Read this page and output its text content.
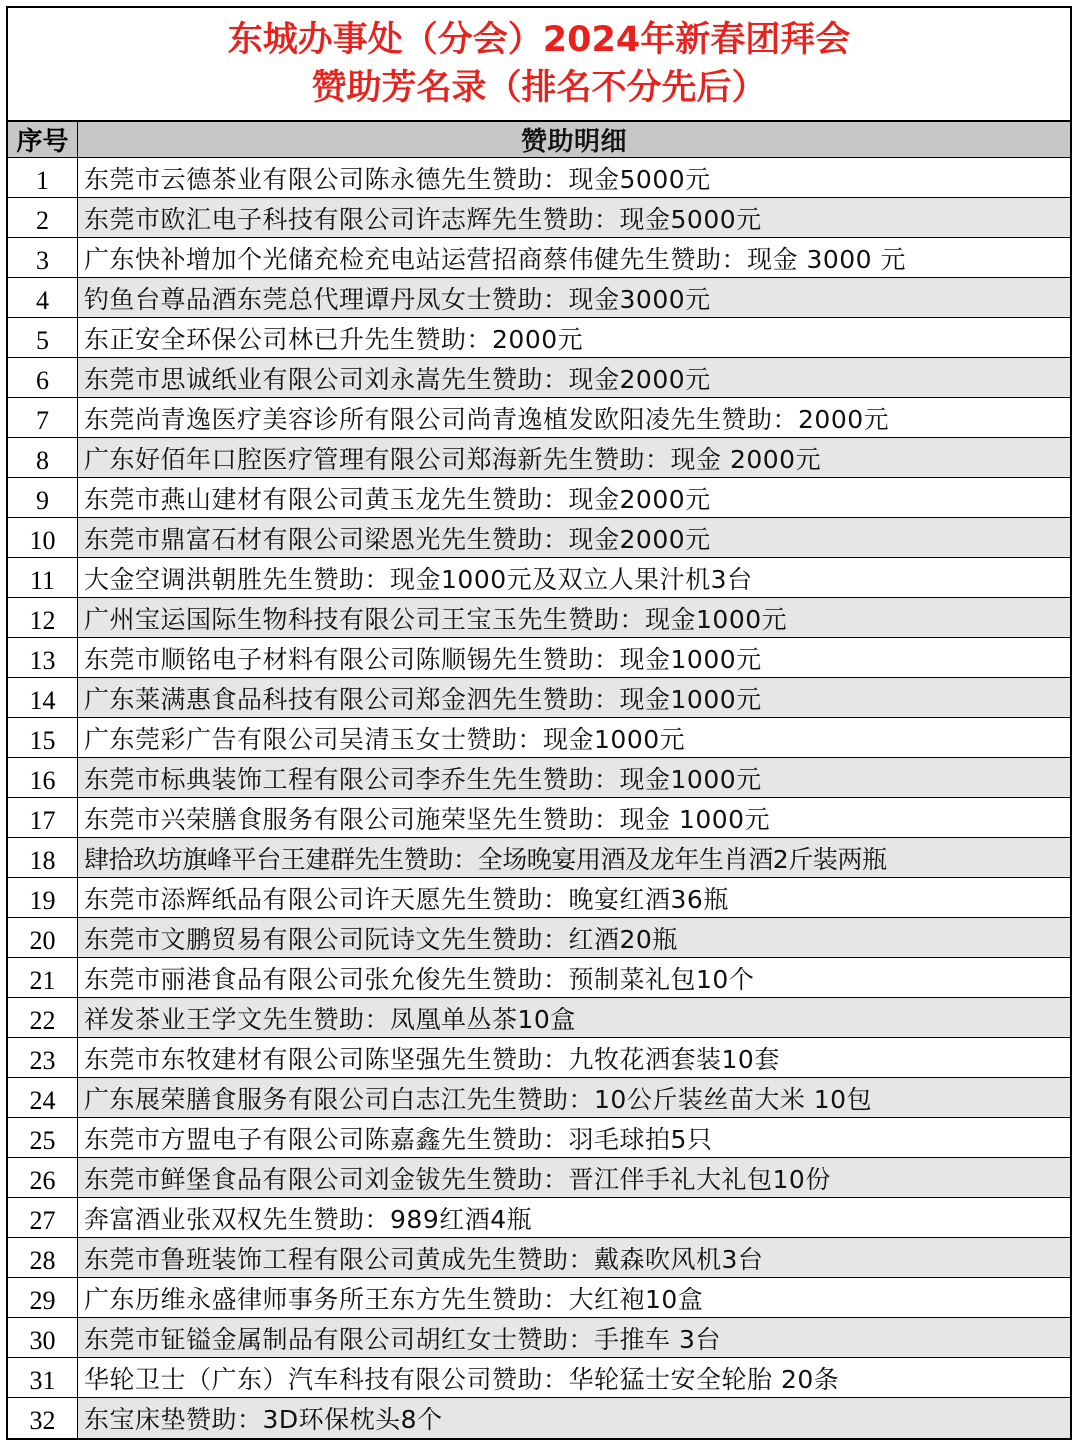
东城办事处（分会）2024年新春团拜会
赞助芳名录（排名不分先后）
序号	赞助明细
1	东莞市云德茶业有限公司陈永德先生赞助：现金5000元
2	东莞市欧汇电子科技有限公司许志辉先生赞助：现金5000元
3	广东快补增加个光储充检充电站运营招商蔡伟健先生赞助：现金 3000 元
4	钓鱼台尊品酒东莞总代理谭丹凤女士赞助：现金3000元
5	东正安全环保公司林已升先生赞助：2000元
6	东莞市思诚纸业有限公司刘永嵩先生赞助：现金2000元
7	东莞尚青逸医疗美容诊所有限公司尚青逸植发欧阳凌先生赞助：2000元
8	广东好佰年口腔医疗管理有限公司郑海新先生赞助：现金 2000元
9	东莞市燕山建材有限公司黄玉龙先生赞助：现金2000元
10	东莞市鼎富石材有限公司梁恩光先生赞助：现金2000元
11	大金空调洪朝胜先生赞助：现金1000元及双立人果汁机3台
12	广州宝运国际生物科技有限公司王宝玉先生赞助：现金1000元
13	东莞市顺铭电子材料有限公司陈顺锡先生赞助：现金1000元
14	广东莱满惠食品科技有限公司郑金泗先生赞助：现金1000元
15	广东莞彩广告有限公司吴清玉女士赞助：现金1000元
16	东莞市标典装饰工程有限公司李乔生先生赞助：现金1000元
17	东莞市兴荣膳食服务有限公司施荣坚先生赞助：现金 1000元
18	肆拾玖坊旗峰平台王建群先生赞助：全场晚宴用酒及龙年生肖酒2斤装两瓶
19	东莞市添辉纸品有限公司许天愿先生赞助：晚宴红酒36瓶
20	东莞市文鹏贸易有限公司阮诗文先生赞助：红酒20瓶
21	东莞市丽港食品有限公司张允俊先生赞助：预制菜礼包10个
22	祥发茶业王学文先生赞助：凤凰单丛茶10盒
23	东莞市东牧建材有限公司陈坚强先生赞助：九牧花洒套装10套
24	广东展荣膳食服务有限公司白志江先生赞助：10公斤装丝苗大米 10包
25	东莞市方盟电子有限公司陈嘉鑫先生赞助：羽毛球拍5只
26	东莞市鲜堡食品有限公司刘金钹先生赞助：晋江伴手礼大礼包10份
27	奔富酒业张双权先生赞助：989红酒4瓶
28	东莞市鲁班装饰工程有限公司黄成先生赞助：戴森吹风机3台
29	广东历维永盛律师事务所王东方先生赞助：大红袍10盒
30	东莞市钲镒金属制品有限公司胡红女士赞助：手推车 3台
31	华轮卫士（广东）汽车科技有限公司赞助：华轮猛士安全轮胎 20条
32	东宝床垫赞助：3D环保枕头8个
